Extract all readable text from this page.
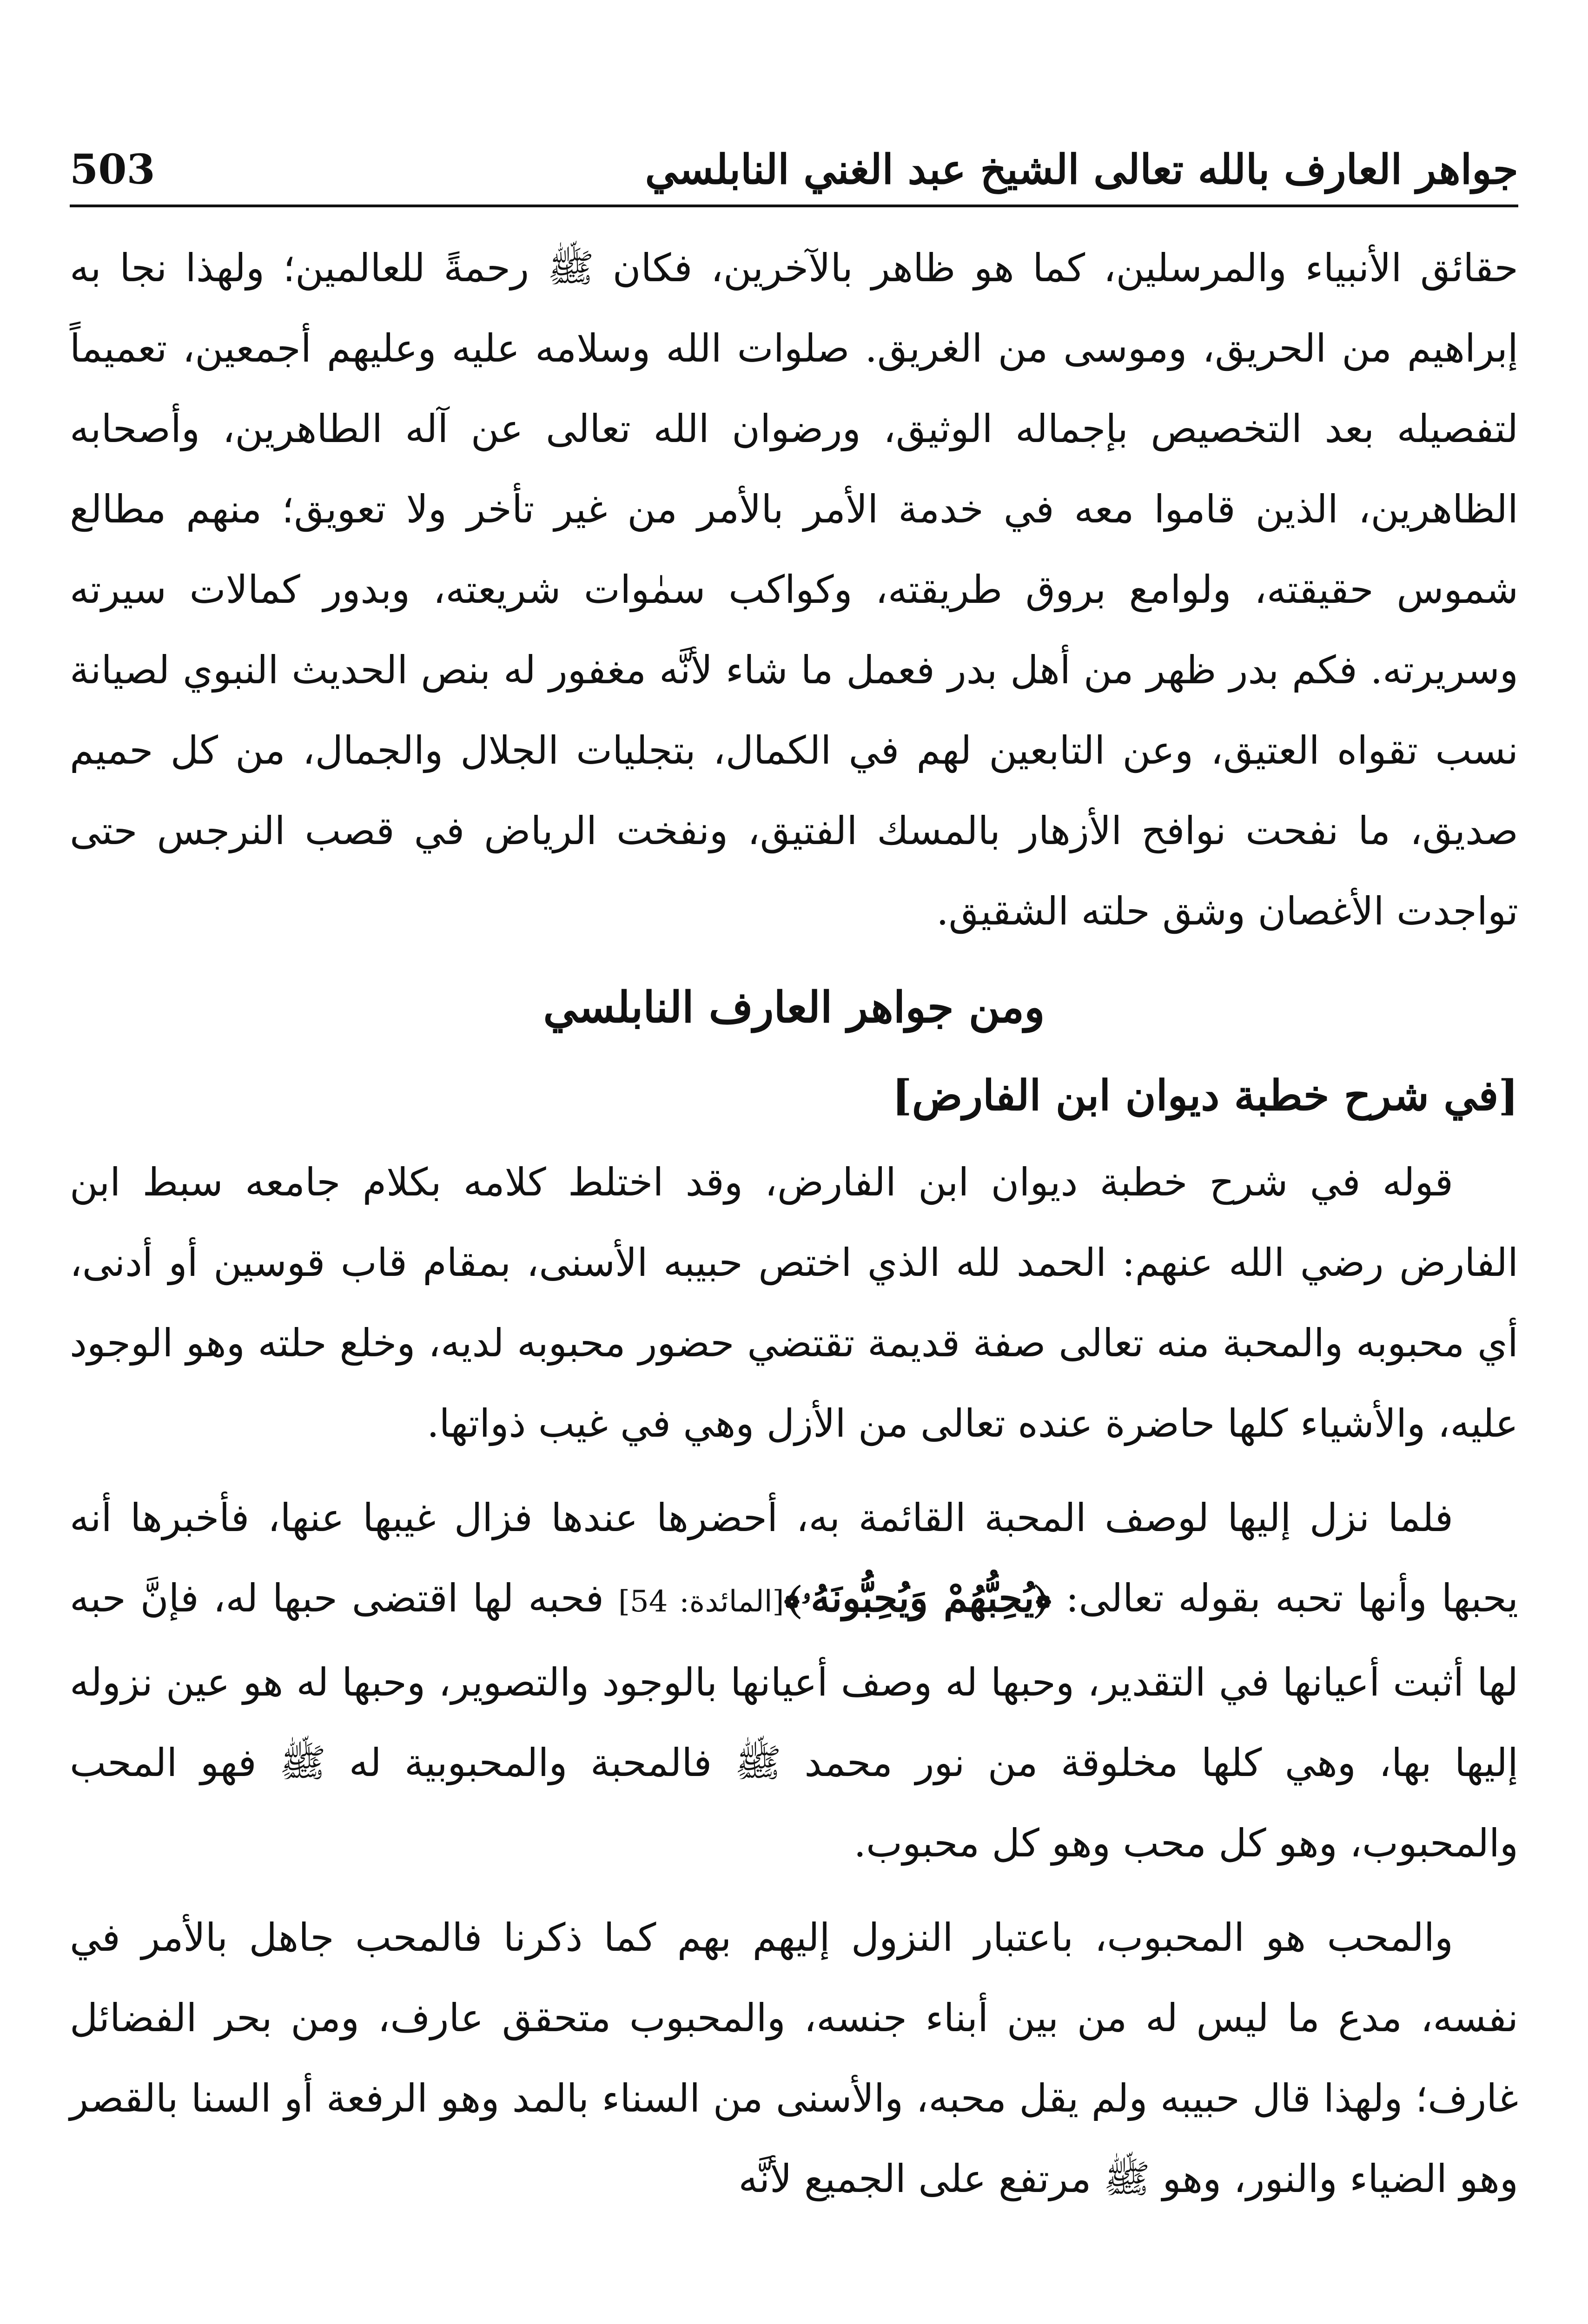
جواهر العارف بالله تعالى الشيخ عبد الغني النابلسي
503

حقائق الأنبياء والمرسلين، كما هو ظاهر بالآخرين، فكان ﷺ رحمةً للعالمين؛ ولهذا نجا به إبراهيم من الحريق، وموسى من الغريق. صلوات الله وسلامه عليه وعليهم أجمعين، تعميماً لتفصيله بعد التخصيص بإجماله الوثيق، ورضوان الله تعالى عن آله الطاهرين، وأصحابه الظاهرين، الذين قاموا معه في خدمة الأمر بالأمر من غير تأخر ولا تعويق؛ منهم مطالع شموس حقيقته، ولوامع بروق طريقته، وكواكب سمٰوات شريعته، وبدور كمالات سيرته وسريرته. فكم بدر ظهر من أهل بدر فعمل ما شاء لأنَّه مغفور له بنص الحديث النبوي لصيانة نسب تقواه العتيق، وعن التابعين لهم في الكمال، بتجليات الجلال والجمال، من كل حميم صديق، ما نفحت نوافح الأزهار بالمسك الفتيق، ونفخت الرياض في قصب النرجس حتى تواجدت الأغصان وشق حلته الشقيق.

ومن جواهر العارف النابلسي
[في شرح خطبة ديوان ابن الفارض]

قوله في شرح خطبة ديوان ابن الفارض، وقد اختلط كلامه بكلام جامعه سبط ابن الفارض رضي الله عنهم: الحمد لله الذي اختص حبيبه الأسنى، بمقام قاب قوسين أو أدنى، أي محبوبه والمحبة منه تعالى صفة قديمة تقتضي حضور محبوبه لديه، وخلع حلته وهو الوجود عليه، والأشياء كلها حاضرة عنده تعالى من الأزل وهي في غيب ذواتها.

فلما نزل إليها لوصف المحبة القائمة به، أحضرها عندها فزال غيبها عنها، فأخبرها أنه يحبها وأنها تحبه بقوله تعالى: ﴿يُحِبُّهُمْ وَيُحِبُّونَهُۥ﴾[المائدة: 54] فحبه لها اقتضى حبها له، فإنَّ حبه لها أثبت أعيانها في التقدير، وحبها له وصف أعيانها بالوجود والتصوير، وحبها له هو عين نزوله إليها بها، وهي كلها مخلوقة من نور محمد ﷺ فالمحبة والمحبوبية له ﷺ فهو المحب والمحبوب، وهو كل محب وهو كل محبوب.

والمحب هو المحبوب، باعتبار النزول إليهم بهم كما ذكرنا فالمحب جاهل بالأمر في نفسه، مدع ما ليس له من بين أبناء جنسه، والمحبوب متحقق عارف، ومن بحر الفضائل غارف؛ ولهذا قال حبيبه ولم يقل محبه، والأسنى من السناء بالمد وهو الرفعة أو السنا بالقصر وهو الضياء والنور، وهو ﷺ مرتفع على الجميع لأنَّه
